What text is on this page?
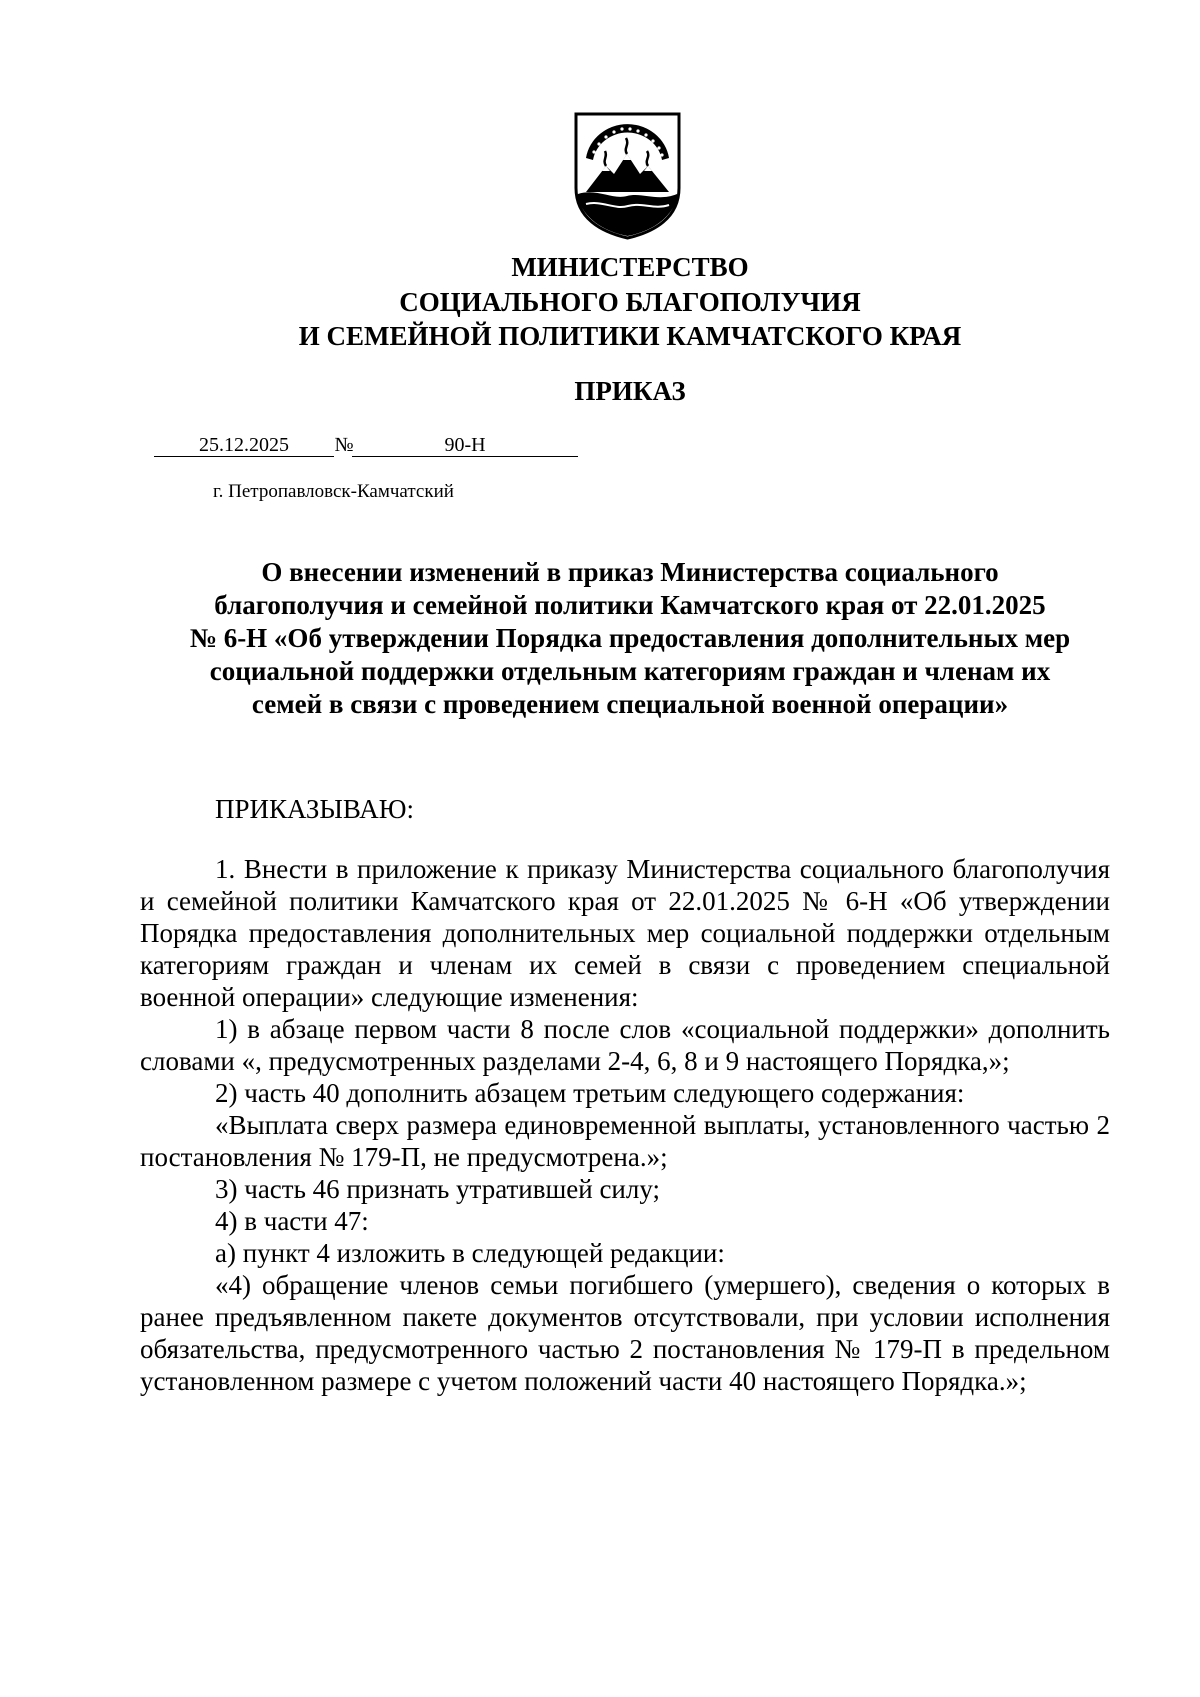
МИНИСТЕРСТВО

СОЦИАЛЬНОГО БЛАГОПОЛУЧИЯ

И СЕМЕЙНОЙ ПОЛИТИКИ КАМЧАТСКОГО КРАЯ

ПРИКАЗ

25.12.2025	№	90-Н

г. Петропавловск-Камчатский

О внесении изменений в приказ Министерства социального
благополучия и семейной политики Камчатского края от 22.01.2025
№ 6-Н «Об утверждении Порядка предоставления дополнительных мер
социальной поддержки отдельным категориям граждан и членам их
семей в связи с проведением специальной военной операции»

ПРИКАЗЫВАЮ:

1. Внести в приложение к приказу Министерства социального благополучия и семейной политики Камчатского края от 22.01.2025 № 6-Н «Об утверждении Порядка предоставления дополнительных мер социальной поддержки отдельным категориям граждан и членам их семей в связи с проведением специальной военной операции» следующие изменения:

1) в абзаце первом части 8 после слов «социальной поддержки» дополнить словами «, предусмотренных разделами 2-4, 6, 8 и 9 настоящего Порядка,»;

2) часть 40 дополнить абзацем третьим следующего содержания:

«Выплата сверх размера единовременной выплаты, установленного частью 2 постановления № 179-П, не предусмотрена.»;

3) часть 46 признать утратившей силу;

4) в части 47:

а) пункт 4 изложить в следующей редакции:

«4) обращение членов семьи погибшего (умершего), сведения о которых в ранее предъявленном пакете документов отсутствовали, при условии исполнения обязательства, предусмотренного частью 2 постановления № 179-П в предельном установленном размере с учетом положений части 40 настоящего Порядка.»;
